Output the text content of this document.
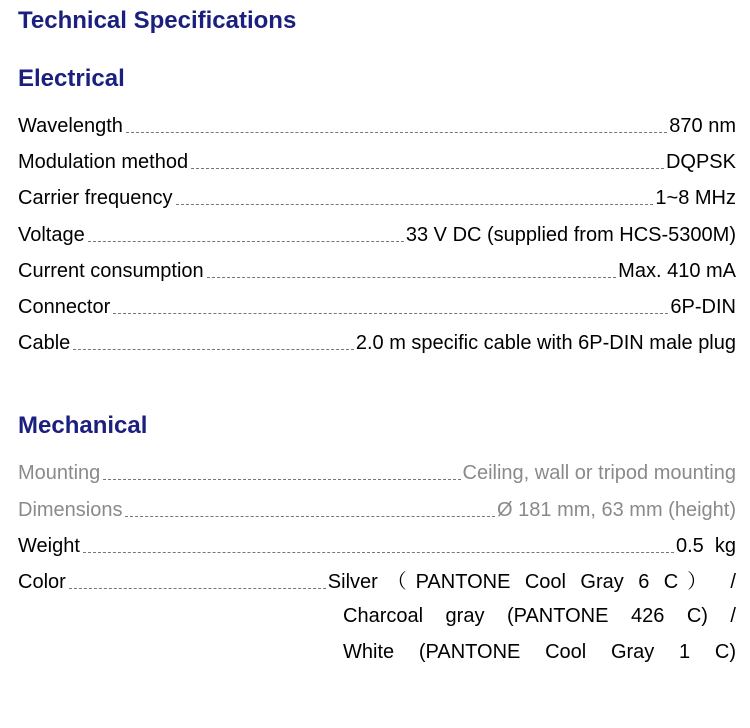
Technical Specifications
Electrical
Wavelength	870 nm
Modulation method	DQPSK
Carrier frequency	1~8 MHz
Voltage	33 V DC (supplied from HCS-5300M)
Current consumption	Max. 410 mA
Connector	6P-DIN
Cable	2.0 m specific cable with 6P-DIN male plug
Mechanical
Mounting	Ceiling, wall or tripod mounting
Dimensions	Ø 181 mm, 63 mm (height)
Weight	0.5  kg
Color	Silver（PANTONE Cool Gray 6 C） /
Charcoal gray (PANTONE 426 C) /
White (PANTONE Cool Gray 1 C)
